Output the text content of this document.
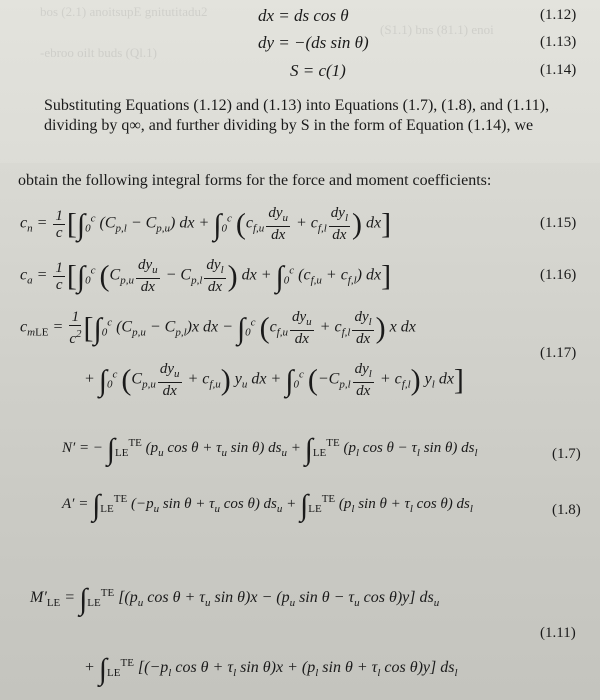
bos (2.1) anoitsupE gnitutitadu2
(S1.1) bns (81.1) enoi
-ebroo oilt buds (Ql.1)
dx = ds cos θ	(1.12)
dy = −(ds sin θ)	(1.13)
S = c(1)	(1.14)
Substituting Equations (1.12) and (1.13) into Equations (1.7), (1.8), and (1.11),
dividing by q∞, and further dividing by S in the form of Equation (1.14), we
obtain the following integral forms for the force and moment coefficients:
$c_n = \frac{1}{c} [\int_0^c$ $(C_{p,l} - C_{p,u})$ dx + $\int_0^c$ ($c_{f,u} \frac{dy_u}{dx} + c_{f,l} \frac{dy_l}{dx}$ ) dx]	(1.15)
$c_a = \frac{1}{c} [\int_0^c$ ($C_{p,u} \frac{dy_u}{dx} - C_{p,l} \frac{dy_l}{dx}$ ) dx + $\int_0^c$ $(c_{f,u} + c_{f,l})$ dx]	(1.16)
$c_{mLE} = \frac{1}{c^2} [\int_0^c$ $(C_{p,u} - C_{p,l})x$ dx − $\int_0^c$ ($c_{f,u} \frac{dy_u}{dx} + c_{f,l} \frac{dy_l}{dx}$ ) x dx
(1.17)
+ $\int_0^c$ $(C_{p,u} \frac{dy_u}{dx} + c_{f,u})$ $y_u$ dx + $\int_0^c$ $(-C_{p,l} \frac{dy_l}{dx} + c_{f,l})$ $y_l$ dx]
N′ = − $\int_{LE}^{TE}$ ($p_u$ $\cos \theta + \tau_u$ sin θ) $ds_u + \int_{LE}^{TE}$ ($p_l$ $\cos \theta - \tau_l$ sin θ) $ds_l$	(1.7)
$A' = \int_{LE}^{TE}$ ($-p_u$ $\sin \theta + \tau_u$ cos θ) $ds_u + \int_{LE}^{TE}$ ($p_l$ $\sin \theta + \tau_l$ cos θ) $ds_l$	(1.8)
$M'_{LE} = \int_{LE}^{TE}$ [($p_u$ $\cos \theta + \tau_u$ $\sin \theta)x - (p_u$ $\sin \theta - \tau_u$ cos θ)y] $ds_u$
(1.11)
+ $\int_{LE}^{TE}$ [($-p_l$ $\cos \theta + \tau_l$ $\sin \theta)x + (p_l$ $\sin \theta + \tau_l$ cos θ)y] $ds_l$
